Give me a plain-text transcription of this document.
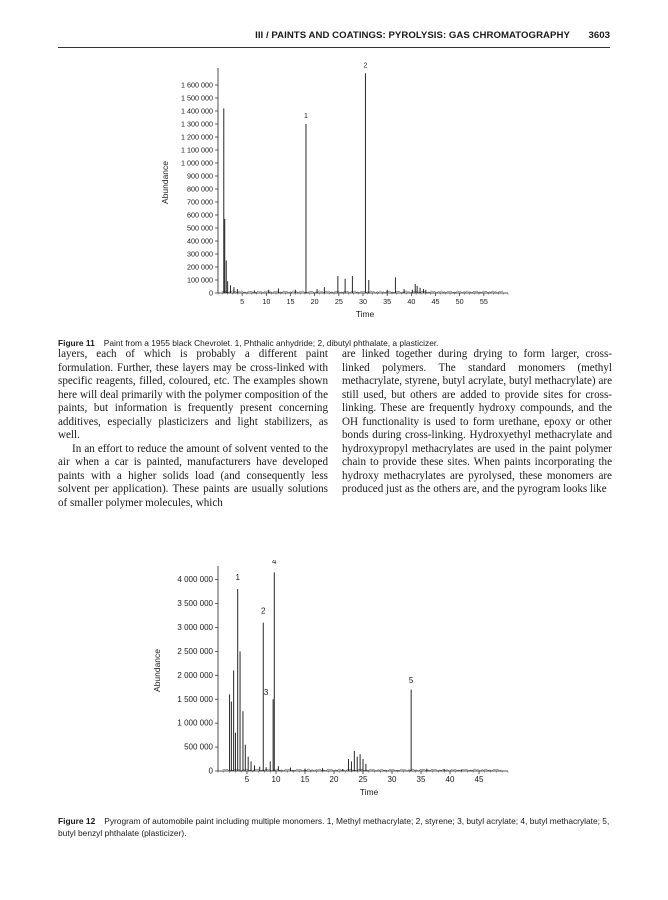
III / PAINTS AND COATINGS: PYROLYSIS: GAS CHROMATOGRAPHY 3603
0
100 000
200 000
300 000
400 000
500 000
600 000
700 000
800 000
900 000
1 000 000
1 100 000
1 200 000
1 300 000
1 400 000
1 500 000
1 600 000
5	10 15 20 25 30 35 40 45 50 55
Time
Abundance
1
2
Figure 11 Paint from a 1955 black Chevrolet. 1, Phthalic anhydride; 2, dibutyl phthalate, a plasticizer.

layers, each of which is probably a different paint formulation. Further, these layers may be cross-linked with specific reagents, filled, coloured, etc. The examples shown here will deal primarily with the polymer composition of the paints, but information is frequently present concerning additives, especially plasticizers and light stabilizers, as well.

In an effort to reduce the amount of solvent vented to the air when a car is painted, manufacturers have developed paints with a higher solids load (and consequently less solvent per application). These paints are usually solutions of smaller polymer molecules, which

are linked together during drying to form larger, cross-linked polymers. The standard monomers (methyl methacrylate, styrene, butyl acrylate, butyl methacrylate) are still used, but others are added to provide sites for cross-linking. These are frequently hydroxy compounds, and the OH functionality is used to form urethane, epoxy or other bonds during cross-linking. Hydroxyethyl methacrylate and hydroxypropyl methacrylates are used in the paint polymer chain to provide these sites. When paints incorporating the hydroxy methacrylates are pyrolysed, these monomers are produced just as the others are, and the pyrogram looks like

0
500 000
1 000 000
1 500 000
2 000 000
2 500 000
3 000 000
3 500 000
4 000 000
5	10	15	20	25	30	35	40	45
Time
Abundance
1
2
3
4
5
Figure 12 Pyrogram of automobile paint including multiple monomers. 1, Methyl methacrylate; 2, styrene; 3, butyl acrylate; 4, butyl methacrylate; 5, butyl benzyl phthalate (plasticizer).
